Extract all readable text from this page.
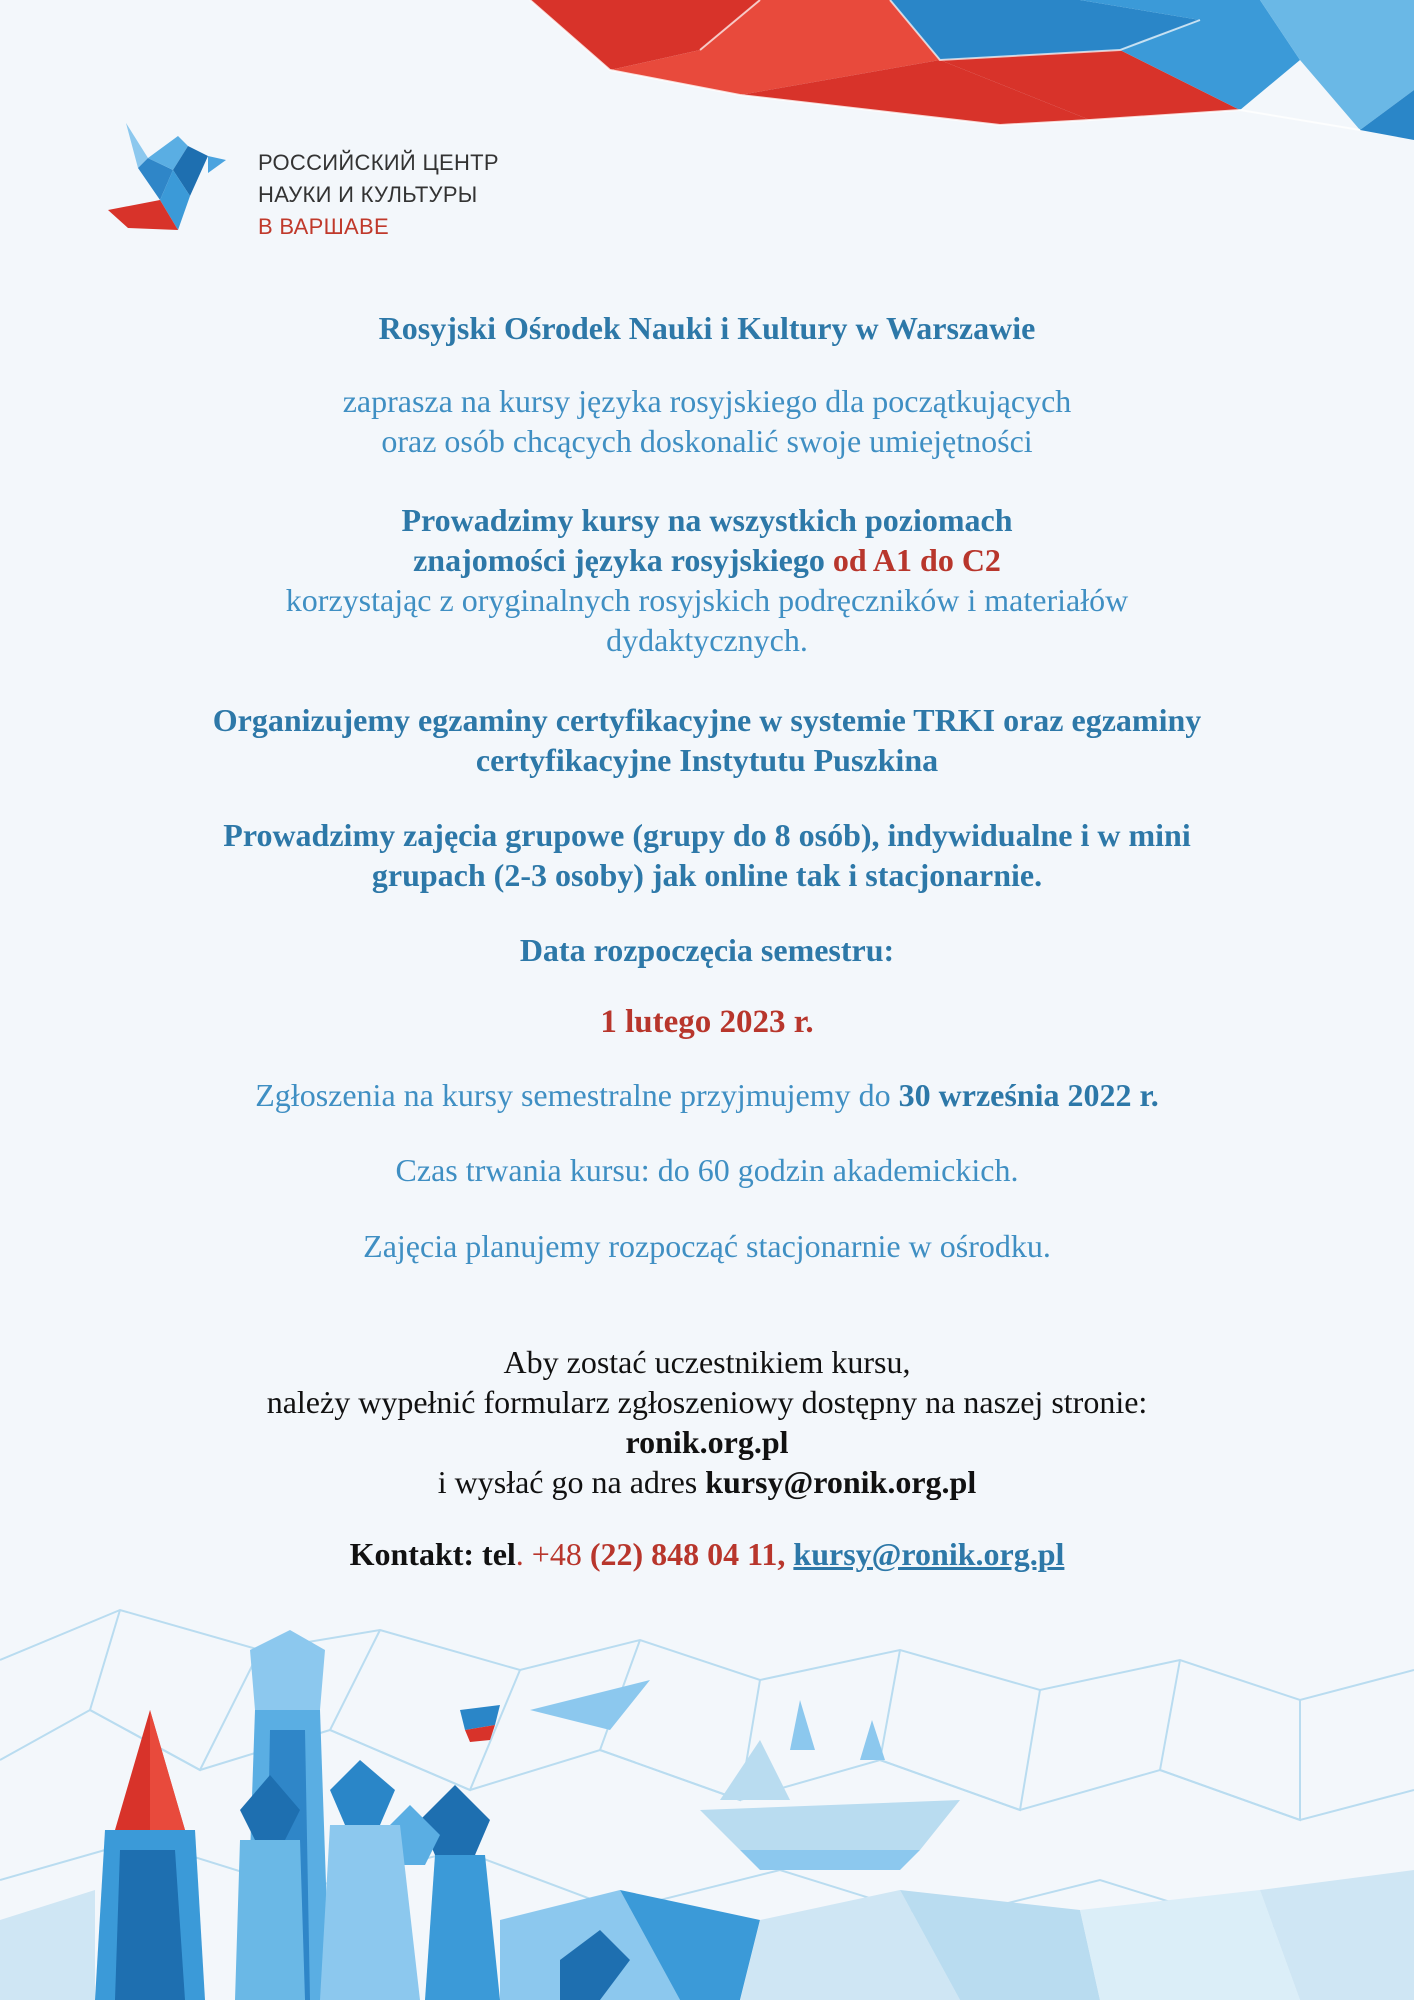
РОССИЙСКИЙ ЦЕНТР
НАУКИ И КУЛЬТУРЫ
В ВАРШАВЕ
Rosyjski Ośrodek Nauki i Kultury w Warszawie
zaprasza na kursy języka rosyjskiego dla początkujących
oraz osób chcących doskonalić swoje umiejętności
Prowadzimy kursy na wszystkich poziomach
znajomości języka rosyjskiego od A1 do C2
korzystając z oryginalnych rosyjskich podręczników i materiałów
dydaktycznych.
Organizujemy egzaminy certyfikacyjne w systemie TRKI oraz egzaminy
certyfikacyjne Instytutu Puszkina
Prowadzimy zajęcia grupowe (grupy do 8 osób), indywidualne i w mini
grupach (2-3 osoby) jak online tak i stacjonarnie.
Data rozpoczęcia semestru:
1 lutego 2023 r.
Zgłoszenia na kursy semestralne przyjmujemy do 30 września 2022 r.
Czas trwania kursu: do 60 godzin akademickich.
Zajęcia planujemy rozpocząć stacjonarnie w ośrodku.
Aby zostać uczestnikiem kursu,
należy wypełnić formularz zgłoszeniowy dostępny na naszej stronie:
ronik.org.pl
i wysłać go na adres kursy@ronik.org.pl
Kontakt: tel. +48 (22) 848 04 11, kursy@ronik.org.pl
